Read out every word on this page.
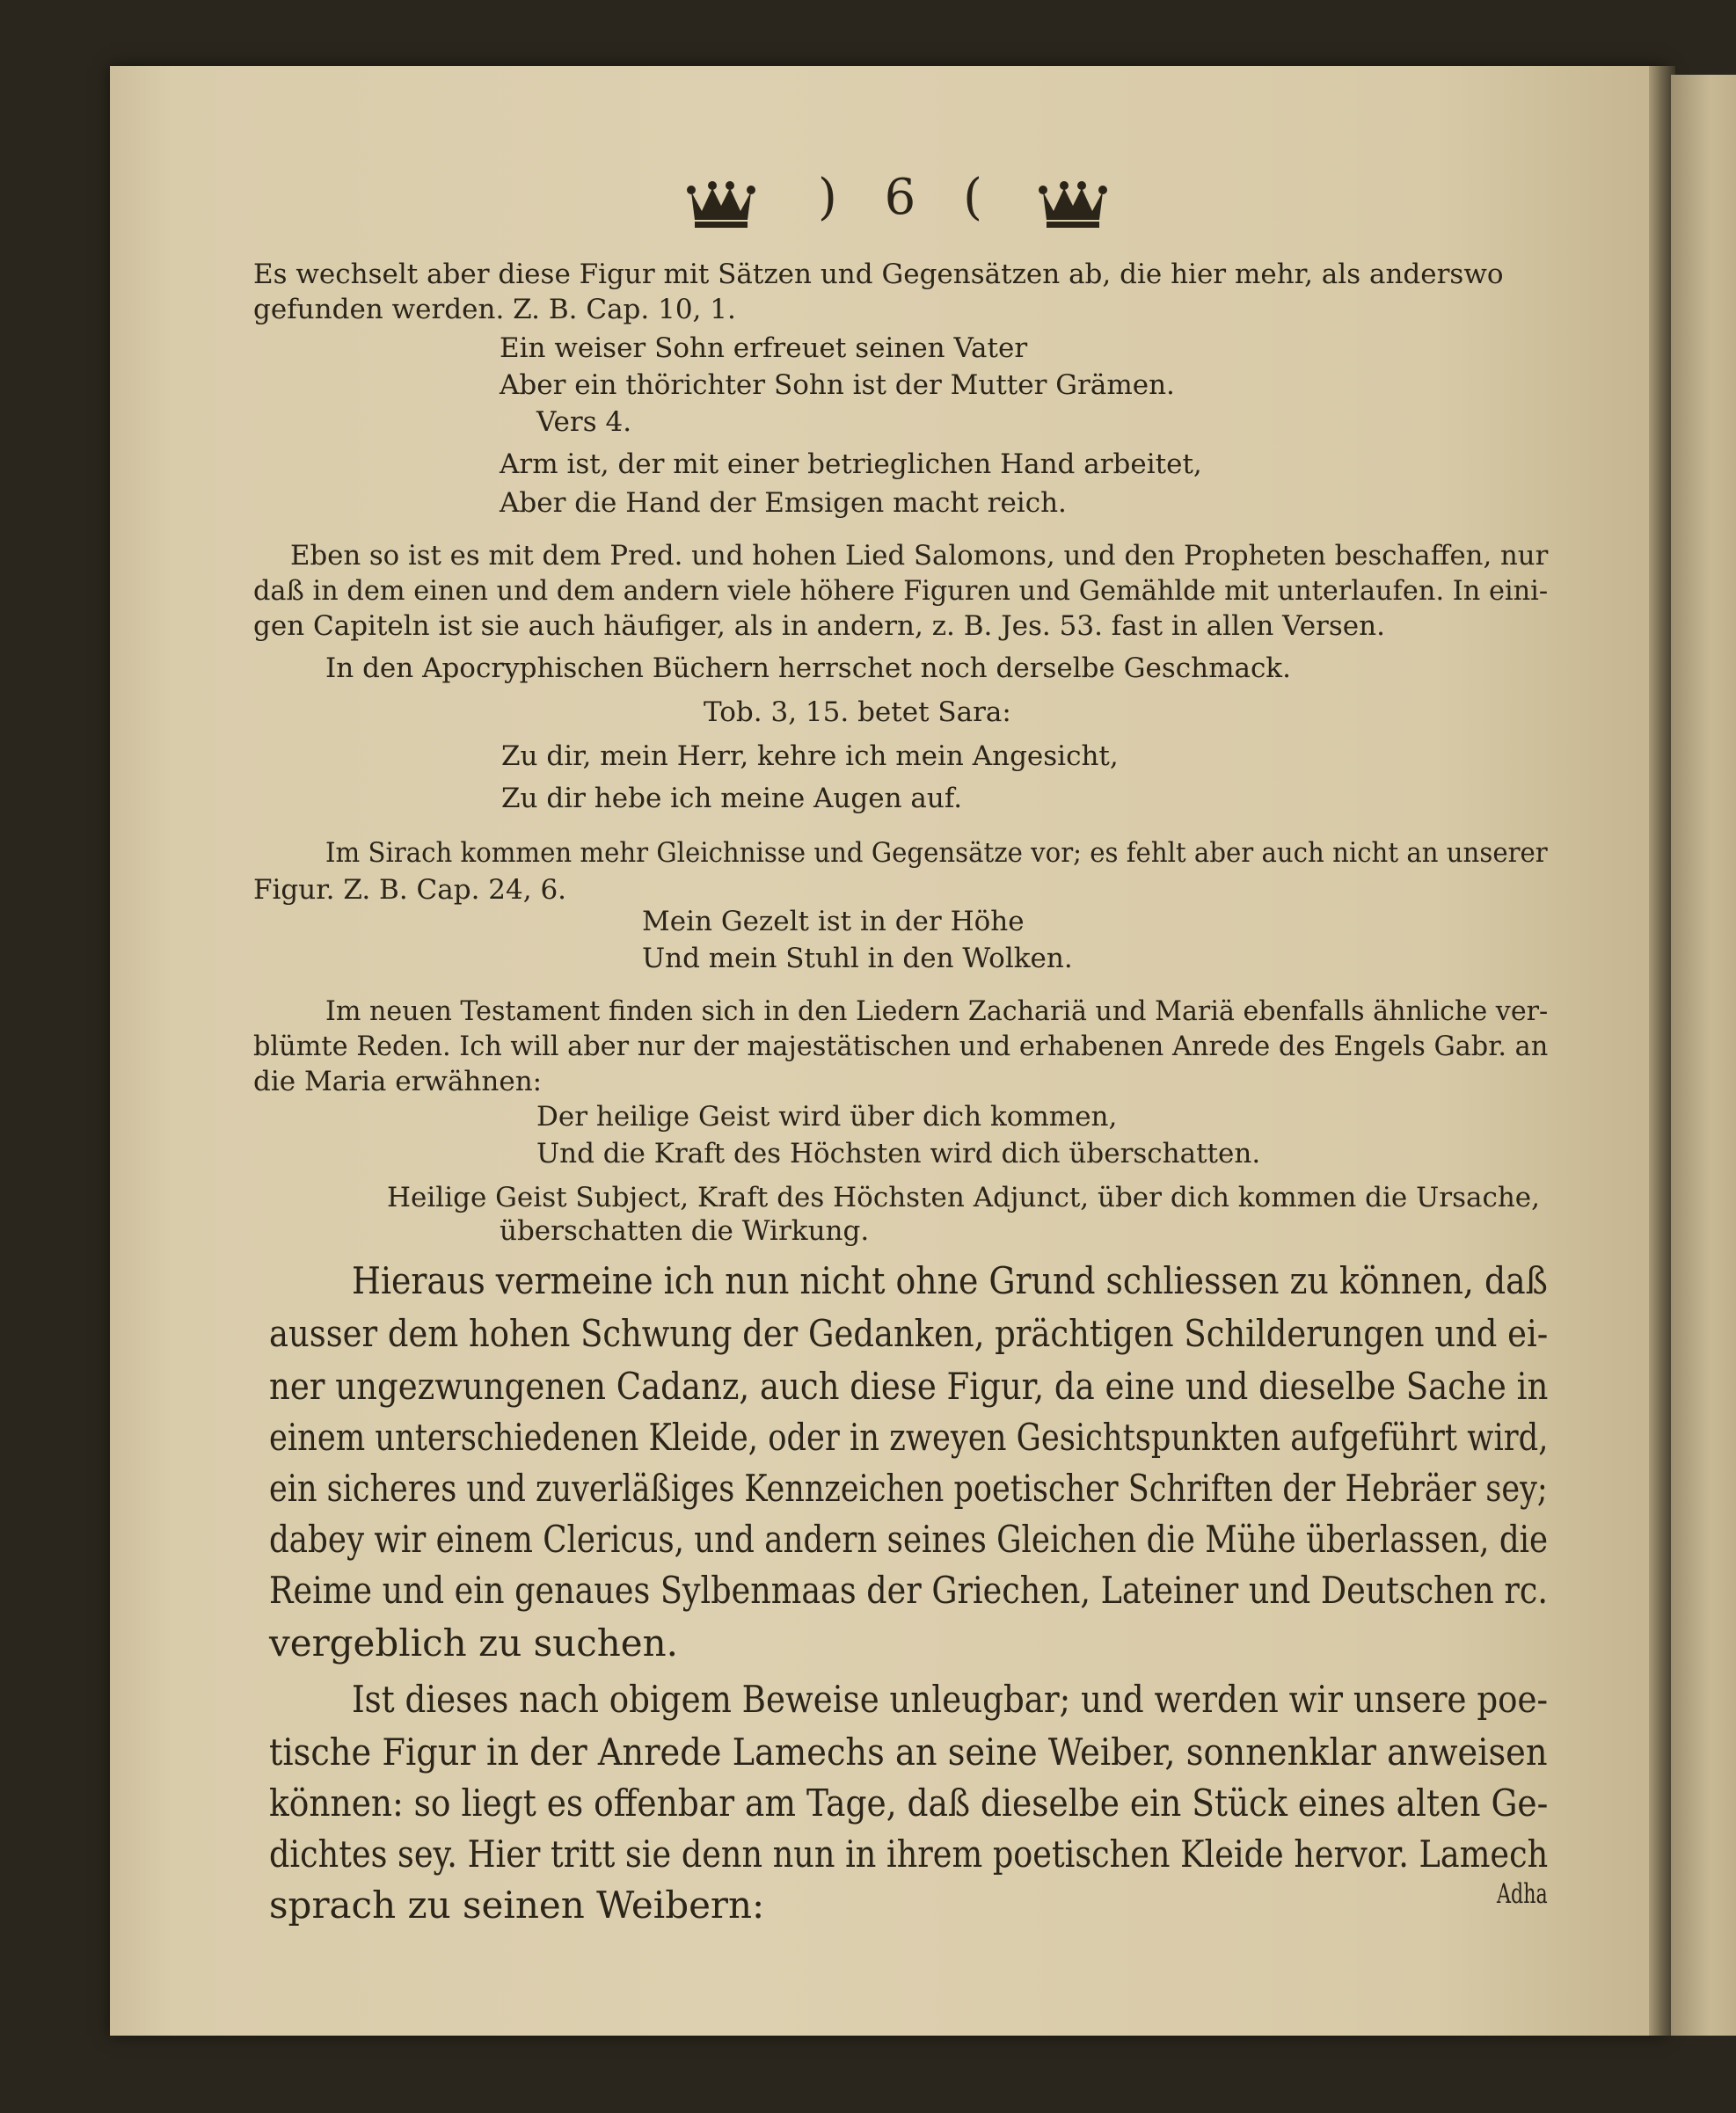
) 6 (

Es wechselt aber diese Figur mit Sätzen und Gegensätzen ab, die hier mehr, als anderswo

gefunden werden. Z. B. Cap. 10, 1.

Ein weiser Sohn erfreuet seinen Vater

Aber ein thörichter Sohn ist der Mutter Grämen.

Vers 4.

Arm ist, der mit einer betrieglichen Hand arbeitet,

Aber die Hand der Emsigen macht reich.

Eben so ist es mit dem Pred. und hohen Lied Salomons, und den Propheten beschaffen, nur

daß in dem einen und dem andern viele höhere Figuren und Gemählde mit unterlaufen. In eini-

gen Capiteln ist sie auch häufiger, als in andern, z. B. Jes. 53. fast in allen Versen.

In den Apocryphischen Büchern herrschet noch derselbe Geschmack.

Tob. 3, 15. betet Sara:

Zu dir, mein Herr, kehre ich mein Angesicht,

Zu dir hebe ich meine Augen auf.

Im Sirach kommen mehr Gleichnisse und Gegensätze vor; es fehlt aber auch nicht an unserer

Figur. Z. B. Cap. 24, 6.

Mein Gezelt ist in der Höhe

Und mein Stuhl in den Wolken.

Im neuen Testament finden sich in den Liedern Zachariä und Mariä ebenfalls ähnliche ver-

blümte Reden. Ich will aber nur der majestätischen und erhabenen Anrede des Engels Gabr. an

die Maria erwähnen:

Der heilige Geist wird über dich kommen,

Und die Kraft des Höchsten wird dich überschatten.

Heilige Geist Subject, Kraft des Höchsten Adjunct, über dich kommen die Ursache,

überschatten die Wirkung.

Hieraus vermeine ich nun nicht ohne Grund schliessen zu können, daß

ausser dem hohen Schwung der Gedanken, prächtigen Schilderungen und ei-

ner ungezwungenen Cadanz, auch diese Figur, da eine und dieselbe Sache in

einem unterschiedenen Kleide, oder in zweyen Gesichtspunkten aufgeführt wird,

ein sicheres und zuverläßiges Kennzeichen poetischer Schriften der Hebräer sey;

dabey wir einem Clericus, und andern seines Gleichen die Mühe überlassen, die

Reime und ein genaues Sylbenmaas der Griechen, Lateiner und Deutschen rc.

vergeblich zu suchen.

Ist dieses nach obigem Beweise unleugbar; und werden wir unsere poe-

tische Figur in der Anrede Lamechs an seine Weiber, sonnenklar anweisen

können: so liegt es offenbar am Tage, daß dieselbe ein Stück eines alten Ge-

dichtes sey. Hier tritt sie denn nun in ihrem poetischen Kleide hervor. Lamech

sprach zu seinen Weibern:	Adha
